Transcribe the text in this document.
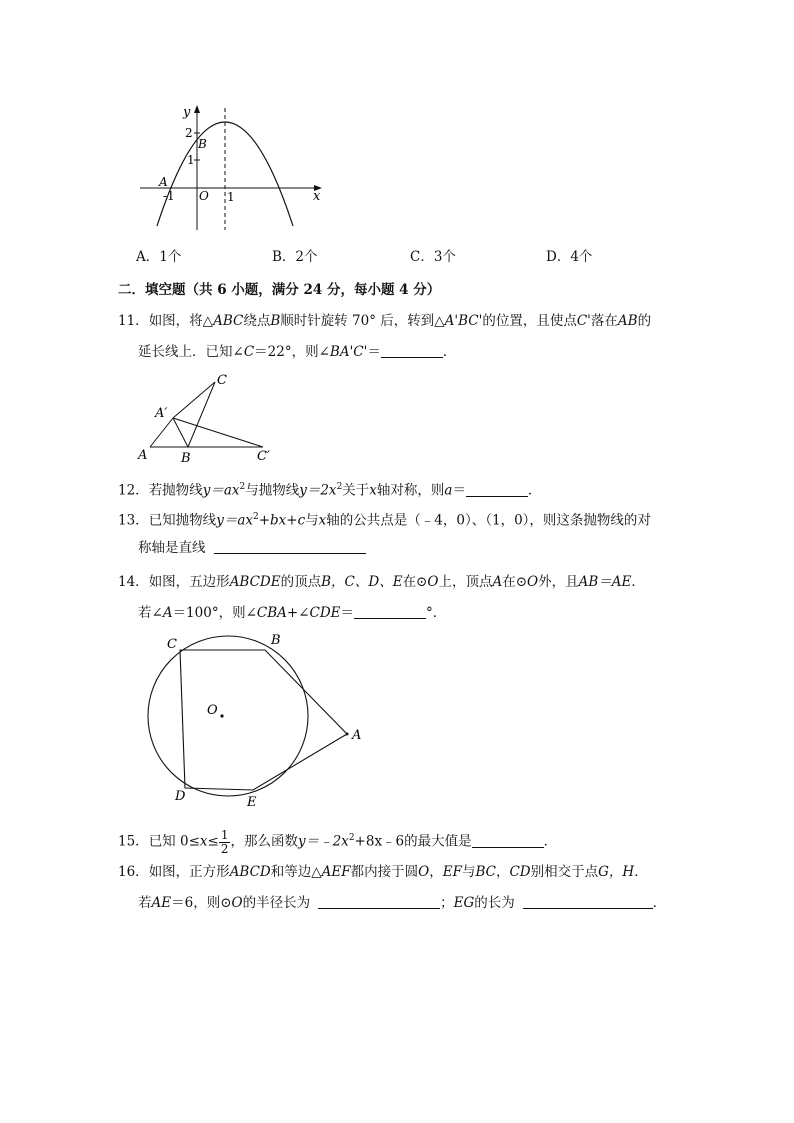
y
x
2
B
1
A
-1 O 1
A．1个	B．2个	C．3个	D．4个
二．填空题（共 6 小题，满分 24 分，每小题 4 分）
11．如图，将△ABC绕点B顺时针旋转 70° 后，转到△A'BC'的位置，且使点C'落在AB的
延长线上．已知∠C＝22°，则∠BA'C'＝	．
C
A′
A	B	C′
12．若抛物线$y=ax^2$与抛物线$y=2x^2$关于x轴对称，则a＝	．
13．已知抛物线$y=ax^2+bx+c$与x轴的公共点是（﹣4，0）、（1，0），则这条抛物线的对
称轴是直线
14．如图，五边形ABCDE的顶点B，C、D、E在⊙O上，顶点A在⊙O外，且AB＝AE．
若∠A＝100°，则∠CBA+∠CDE＝	°．
C	B
O
A
D	E
15．已知 $0\le x\le \frac{1}{2}$ ，那么函数$y=﹣2x^2+8x﹣6$的最大值是	．
16．如图，正方形ABCD和等边△AEF都内接于圆O，EF与BC，CD别相交于点G，H．
若AE＝6，则⊙O的半径长为	；EG的长为	．
